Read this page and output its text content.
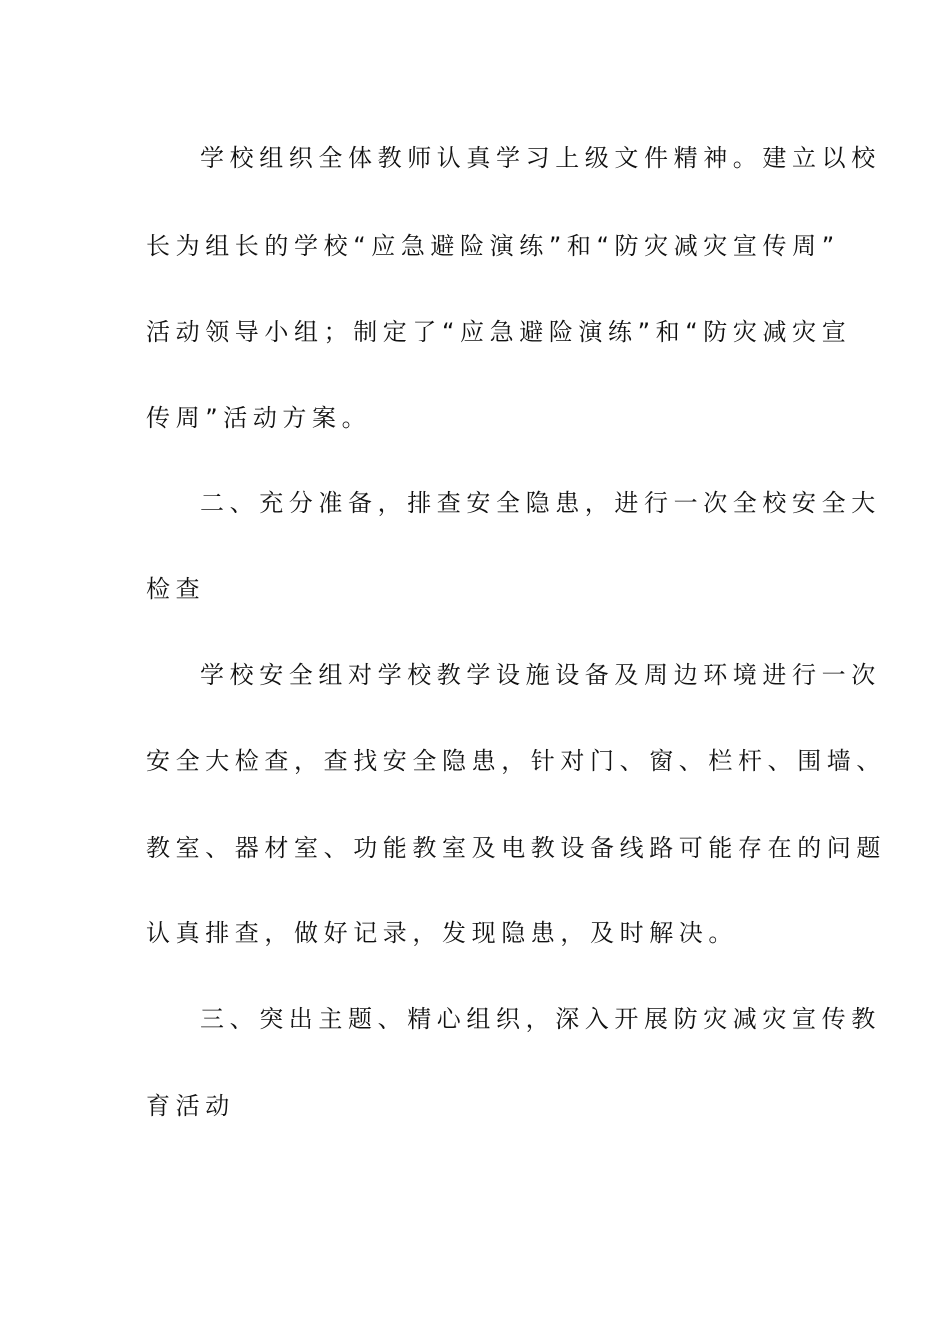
学校组织全体教师认真学习上级文件精神。建立以校
长为组长的学校“应急避险演练”和“防灾减灾宣传周”
活动领导小组；制定了“应急避险演练”和“防灾减灾宣
传周”活动方案。
二、充分准备，排查安全隐患，进行一次全校安全大
检查
学校安全组对学校教学设施设备及周边环境进行一次
安全大检查，查找安全隐患，针对门、窗、栏杆、围墙、
教室、器材室、功能教室及电教设备线路可能存在的问题
认真排查，做好记录，发现隐患，及时解决。
三、突出主题、精心组织，深入开展防灾减灾宣传教
育活动
